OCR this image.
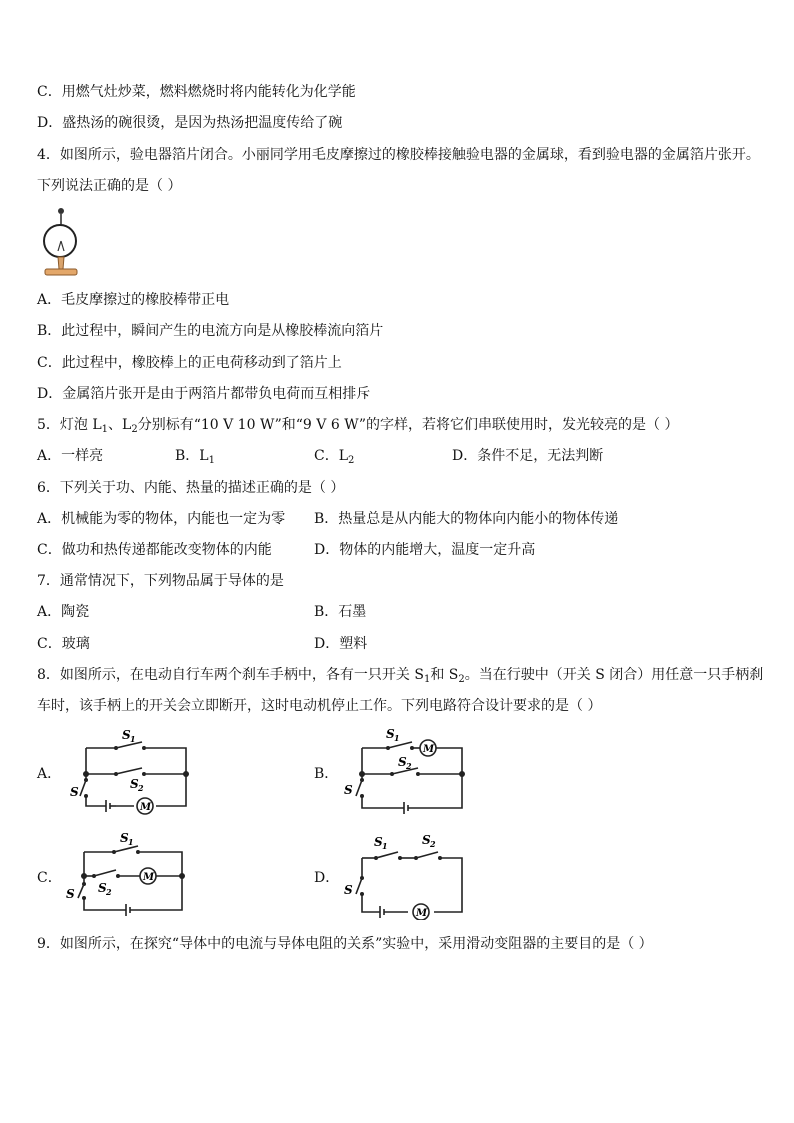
C．用燃气灶炒菜，燃料燃烧时将内能转化为化学能
D．盛热汤的碗很烫，是因为热汤把温度传给了碗
4．如图所示，验电器箔片闭合。小丽同学用毛皮摩擦过的橡胶棒接触验电器的金属球，看到验电器的金属箔片张开。
下列说法正确的是（ ）
A．毛皮摩擦过的橡胶棒带正电
B．此过程中，瞬间产生的电流方向是从橡胶棒流向箔片
C．此过程中，橡胶棒上的正电荷移动到了箔片上
D．金属箔片张开是由于两箔片都带负电荷而互相排斥
5．灯泡 $L_1$、$L_2$分别标有“10 V 10 W”和“9 V 6 W”的字样，若将它们串联使用时，发光较亮的是（ ）
A．一样亮	B．$L_1$	C．$L_2$	D．条件不足，无法判断
6．下列关于功、内能、热量的描述正确的是（ ）
A．机械能为零的物体，内能也一定为零 B．热量总是从内能大的物体向内能小的物体传递
C．做功和热传递都能改变物体的内能	D．物体的内能增大，温度一定升高
7．通常情况下，下列物品属于导体的是
A．陶瓷	B．石墨
C．玻璃	D．塑料
8．如图所示，在电动自行车两个刹车手柄中，各有一只开关 $S_1$和 $S_2$。当在行驶中（开关 S 闭合）用任意一只手柄刹
车时，该手柄上的开关会立即断开，这时电动机停止工作。下列电路符合设计要求的是（ ）
A．
S 1
S 2
S
M
B．
S 1
S 2
S
M
C．
S 1
S 2
S
M	D．
S 1	S 2
S
M
9．如图所示，在探究“导体中的电流与导体电阻的关系”实验中，采用滑动变阻器的主要目的是（ ）
